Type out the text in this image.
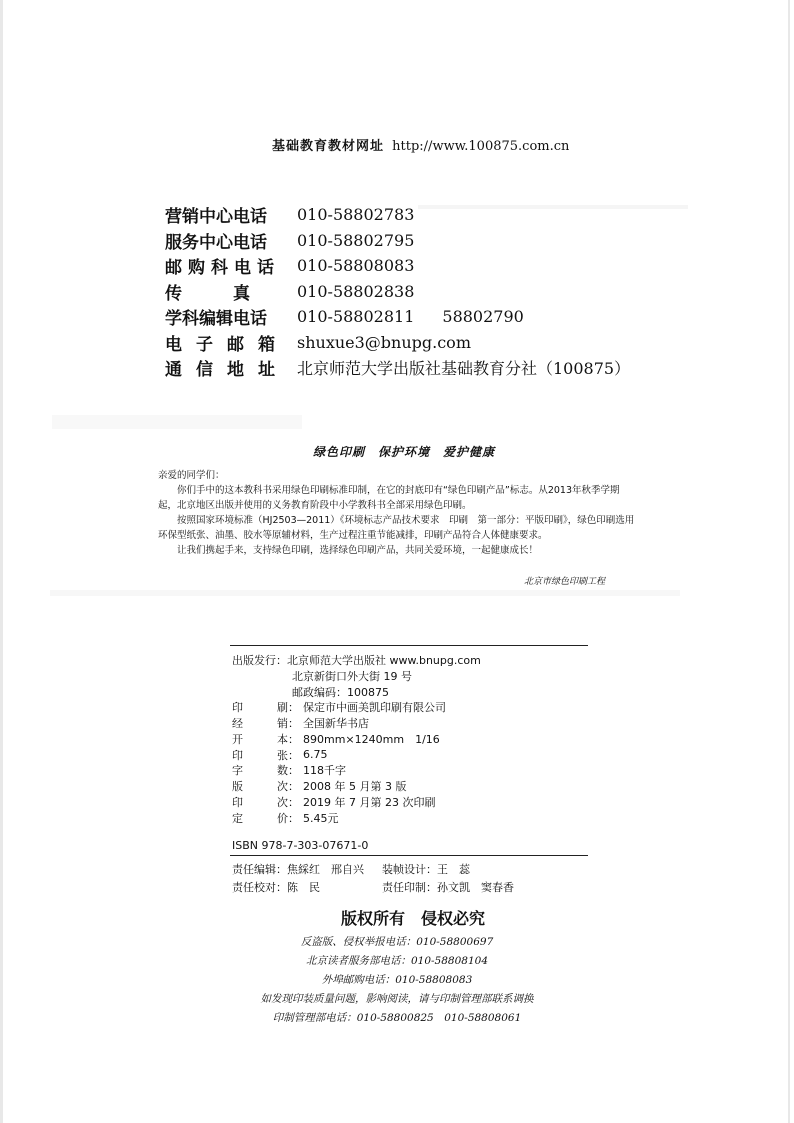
基础教育教材网址 http://www.100875.com.cn
营销中心电话	010-58802783
服务中心电话	010-58802795
邮购科电话	010-58808083
传　　　真	010-58802838
学科编辑电话	010-58802811 58802790
电子邮箱 shuxue3@bnupg.com
通信地址 北京师范大学出版社基础教育分社（100875）
绿色印刷　保护环境　爱护健康

亲爱的同学们：

你们手中的这本教科书采用绿色印刷标准印制，在它的封底印有“绿色印刷产品”标志。从2013年秋季学期起，北京地区出版并使用的义务教育阶段中小学教科书全部采用绿色印刷。

按照国家环境标准（HJ2503—2011）《环境标志产品技术要求　印刷　第一部分：平版印刷》，绿色印刷选用环保型纸张、油墨、胶水等原辅材料，生产过程注重节能减排，印刷产品符合人体健康要求。

让我们携起手来，支持绿色印刷，选择绿色印刷产品，共同关爱环境，一起健康成长！

北京市绿色印刷工程
出版发行： 北京师范大学出版社 www.bnupg.com
北京新街口外大街 19 号
邮政编码：100875
印　刷 ： 保定市中画美凯印刷有限公司
经　销 ： 全国新华书店
开　本 ： 890mm×1240mm　1/16
印　张 ： 6.75
字　数 ： 118千字
版　次 ： 2008 年 5 月第 3 版
印　次 ： 2019 年 7 月第 23 次印刷
定　价 ： 5.45元
ISBN 978-7-303-07671-0
责任编辑：焦綵红　邢自兴	装帧设计：王　蕊
责任校对：陈　民	责任印制：孙文凯　窦春香
版权所有　侵权必究
反盗版、侵权举报电话：010-58800697
北京读者服务部电话：010-58808104
外埠邮购电话：010-58808083
如发现印装质量问题，影响阅读，请与印制管理部联系调换
印制管理部电话：010-58800825　010-58808061
